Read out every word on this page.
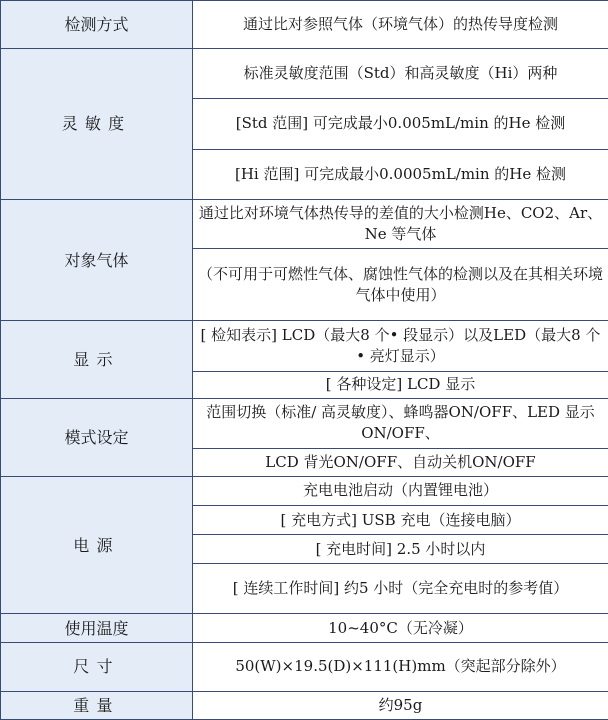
检测方式	通过比对参照气体（环境气体）的热传导度检测
灵敏度	标准灵敏度范围（Std）和高灵敏度（Hi）两种
	[Std 范围] 可完成最小0.005mL/min 的He 检测
	[Hi 范围] 可完成最小0.0005mL/min 的He 检测
对象气体	通过比对环境气体热传导的差值的大小检测He、CO2、Ar、Ne 等气体
	（不可用于可燃性气体、腐蚀性气体的检测以及在其相关环境气体中使用）
显示	[ 检知表示] LCD（最大8 个• 段显示）以及LED（最大8 个• 亮灯显示）
	[ 各种设定] LCD 显示
模式设定	范围切换（标准/ 高灵敏度）、蜂鸣器ON/OFF、LED 显示ON/OFF、
	LCD 背光ON/OFF、自动关机ON/OFF
电源	充电电池启动（内置锂电池）
	[ 充电方式] USB 充电（连接电脑）
	[ 充电时间] 2.5 小时以内
	[ 连续工作时间] 约5 小时（完全充电时的参考值）
使用温度	10~40°C（无冷凝）
尺寸	50(W)×19.5(D)×111(H)mm（突起部分除外）
重量	约95g
